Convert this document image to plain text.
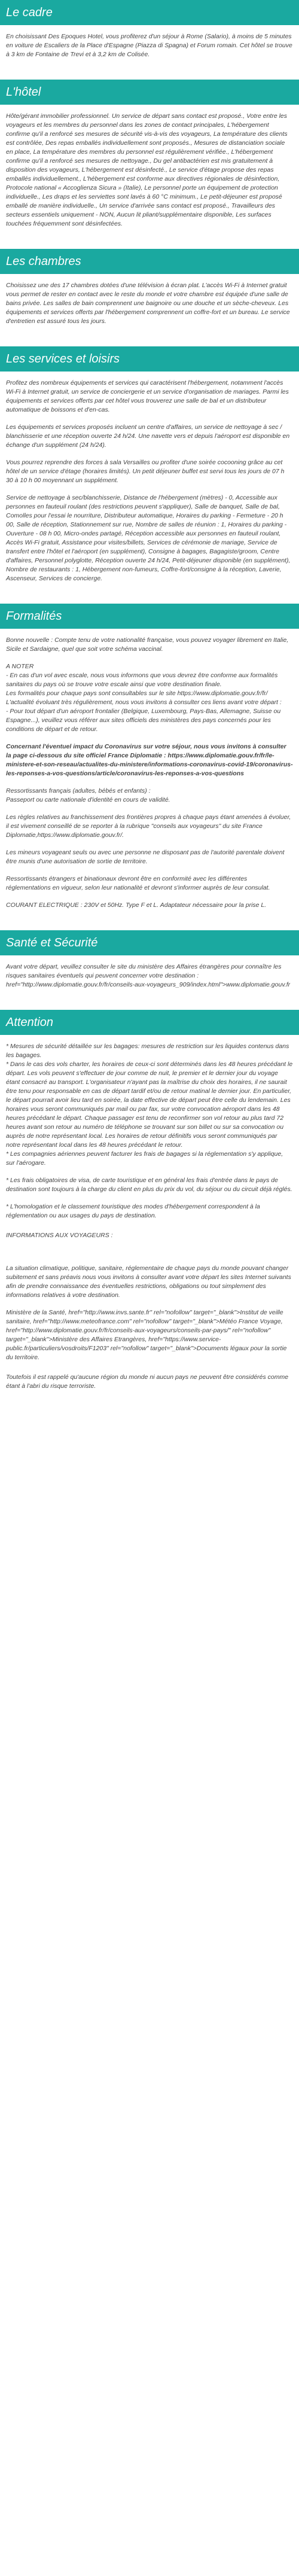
Le cadre

En choisissant Des Epoques Hotel, vous profiterez d'un séjour à Rome (Salario), à moins de 5 minutes en voiture de Escaliers de la Place d'Espagne (Piazza di Spagna) et Forum romain. Cet hôtel se trouve à 3 km de Fontaine de Trevi et à 3,2 km de Colisée.

L'hôtel

Hôte/gérant immobilier professionnel. Un service de départ sans contact est proposé., Votre entre les voyageurs et les membres du personnel dans les zones de contact principales, L'hébergement confirme qu'il a renforcé ses mesures de sécurité vis-à-vis des voyageurs, La température des clients est contrôlée, Des repas emballés individuellement sont proposés., Mesures de distanciation sociale en place, La température des membres du personnel est régulièrement vérifiée., L'hébergement confirme qu'il a renforcé ses mesures de nettoyage., Du gel antibactérien est mis gratuitement à disposition des voyageurs, L'hébergement est désinfecté., Le service d'étage propose des repas emballés individuellement., L'hébergement est conforme aux directives régionales de désinfection, Protocole national « Accoglienza Sicura » (Italie), Le personnel porte un équipement de protection individuelle., Les draps et les serviettes sont lavés à 60 °C minimum., Le petit-déjeuner est proposé emballé de manière individuelle., Un service d'arrivée sans contact est proposé., Travailleurs des secteurs essentiels uniquement - NON, Aucun lit pliant/supplémentaire disponible, Les surfaces touchées fréquemment sont désinfectées.

Les chambres

Choisissez une des 17 chambres dotées d'une télévision à écran plat. L'accès Wi-Fi à Internet gratuit vous permet de rester en contact avec le reste du monde et votre chambre est équipée d'une salle de bains privée. Les salles de bain comprennent une baignoire ou une douche et un sèche-cheveux. Les équipements et services offerts par l'hébergement comprennent un coffre-fort et un bureau. Le service d'entretien est assuré tous les jours.

Les services et loisirs

Profitez des nombreux équipements et services qui caractérisent l'hébergement, notamment l'accès Wi-Fi à Internet gratuit, un service de conciergerie et un service d'organisation de mariages. Parmi les équipements et services offerts par cet hôtel vous trouverez une salle de bal et un distributeur automatique de boissons et d'en-cas.

Les équipements et services proposés incluent un centre d'affaires, un service de nettoyage à sec / blanchisserie et une réception ouverte 24 h/24. Une navette vers et depuis l'aéroport est disponible en échange d'un supplément (24 h/24).

Vous pourrez reprendre des forces à sala Versailles ou profiter d'une soirée cocooning grâce au cet hôtel de un service d'étage (horaires limités). Un petit déjeuner buffet est servi tous les jours de 07 h 30 à 10 h 00 moyennant un supplément.

Service de nettoyage à sec/blanchisserie, Distance de l'hébergement (mètres) - 0, Accessible aux personnes en fauteuil roulant (des restrictions peuvent s'appliquer), Salle de banquet, Salle de bal, Comolles pour l'essai le nourriture, Distributeur automatique, Horaires du parking - Fermeture - 20 h 00, Salle de réception, Stationnement sur rue, Nombre de salles de réunion : 1, Horaires du parking - Ouverture - 08 h 00, Micro-ondes partagé, Réception accessible aux personnes en fauteuil roulant, Accès Wi-Fi gratuit, Assistance pour visites/billets, Services de cérémonie de mariage, Service de transfert entre l'hôtel et l'aéroport (en supplément), Consigne à bagages, Bagagiste/groom, Centre d'affaires, Personnel polyglotte, Réception ouverte 24 h/24, Petit-déjeuner disponible (en supplément), Nombre de restaurants : 1, Hébergement non-fumeurs, Coffre-fort/consigne à la réception, Laverie, Ascenseur, Services de concierge.

Formalités

Bonne nouvelle : Compte tenu de votre nationalité française, vous pouvez voyager librement en Italie, Sicile et Sardaigne, quel que soit votre schéma vaccinal.

A NOTER
- En cas d'un vol avec escale, nous vous informons que vous devrez être conforme aux formalités sanitaires du pays où se trouve votre escale ainsi que votre destination finale.
Les formalités pour chaque pays sont consultables sur le site https://www.diplomatie.gouv.fr/fr/ L'actualité évoluant très régulièrement, nous vous invitons à consulter ces liens avant votre départ :
- Pour tout départ d'un aéroport frontalier (Belgique, Luxembourg, Pays-Bas, Allemagne, Suisse ou Espagne...), veuillez vous référer aux sites officiels des ministères des pays concernés pour les conditions de départ et de retour.

Concernant l'éventuel impact du Coronavirus sur votre séjour, nous vous invitons à consulter la page ci-dessous du site officiel France Diplomatie : https://www.diplomatie.gouv.fr/fr/le-ministere-et-son-reseau/actualites-du-ministere/informations-coronavirus-covid-19/coronavirus-les-reponses-a-vos-questions/article/coronavirus-les-reponses-a-vos-questions

Ressortissants français (adultes, bébés et enfants) :
Passeport ou carte nationale d'identité en cours de validité.

Les règles relatives au franchissement des frontières propres à chaque pays étant amenées à évoluer, il est vivement conseillé de se reporter à la rubrique "conseils aux voyageurs" du site France Diplomatie,https://www.diplomatie.gouv.fr/.

Les mineurs voyageant seuls ou avec une personne ne disposant pas de l'autorité parentale doivent être munis d'une autorisation de sortie de territoire.

Ressortissants étrangers et binationaux devront être en conformité avec les différentes réglementations en vigueur, selon leur nationalité et devront s'informer auprès de leur consulat.

COURANT ELECTRIQUE : 230V et 50Hz. Type F et L. Adaptateur nécessaire pour la prise L.

Santé et Sécurité

Avant votre départ, veuillez consulter le site du ministère des Affaires étrangères pour connaître les risques sanitaires éventuels qui peuvent concerner votre destination : href="http://www.diplomatie.gouv.fr/fr/conseils-aux-voyageurs_909/index.html">www.diplomatie.gouv.fr

Attention

* Mesures de sécurité détaillée sur les bagages: mesures de restriction sur les liquides contenus dans les bagages.
* Dans le cas des vols charter, les horaires de ceux-ci sont déterminés dans les 48 heures précédant le départ. Les vols peuvent s'effectuer de jour comme de nuit, le premier et le dernier jour du voyage étant consacré au transport. L'organisateur n'ayant pas la maîtrise du choix des horaires, il ne saurait être tenu pour responsable en cas de départ tardif et/ou de retour matinal le dernier jour. En particulier, le départ pourrait avoir lieu tard en soirée, la date effective de départ peut être celle du lendemain. Les horaires vous seront communiqués par mail ou par fax, sur votre convocation aéroport dans les 48 heures précédant le départ. Chaque passager est tenu de reconfirmer son vol retour au plus tard 72 heures avant son retour au numéro de téléphone se trouvant sur son billet ou sur sa convocation ou auprès de notre représentant local. Les horaires de retour définitifs vous seront communiqués par notre représentant local dans les 48 heures précédant le retour.
* Les compagnies aériennes peuvent facturer les frais de bagages si la réglementation s'y applique, sur l'aérogare.

* Les frais obligatoires de visa, de carte touristique et en général les frais d'entrée dans le pays de destination sont toujours à la charge du client en plus du prix du vol, du séjour ou du circuit déjà réglés.

* L'homologation et le classement touristique des modes d'hébergement correspondent à la réglementation ou aux usages du pays de destination.

INFORMATIONS AUX VOYAGEURS :

La situation climatique, politique, sanitaire, réglementaire de chaque pays du monde pouvant changer subitement et sans préavis nous vous invitons à consulter avant votre départ les sites Internet suivants afin de prendre connaissance des éventuelles restrictions, obligations ou tout simplement des informations relatives à votre destination.

Ministère de la Santé, href="http://www.invs.sante.fr" rel="nofollow" target="_blank">Institut de veille sanitaire, href="http://www.meteofrance.com" rel="nofollow" target="_blank">Météo France Voyage, href="http://www.diplomatie.gouv.fr/fr/conseils-aux-voyageurs/conseils-par-pays/" rel="nofollow" target="_blank">Ministère des Affaires Etrangères, href="https://www.service-public.fr/particuliers/vosdroits/F1203" rel="nofollow" target="_blank">Documents légaux pour la sortie du territoire.

Toutefois il est rappelé qu'aucune région du monde ni aucun pays ne peuvent être considérés comme étant à l'abri du risque terroriste.
